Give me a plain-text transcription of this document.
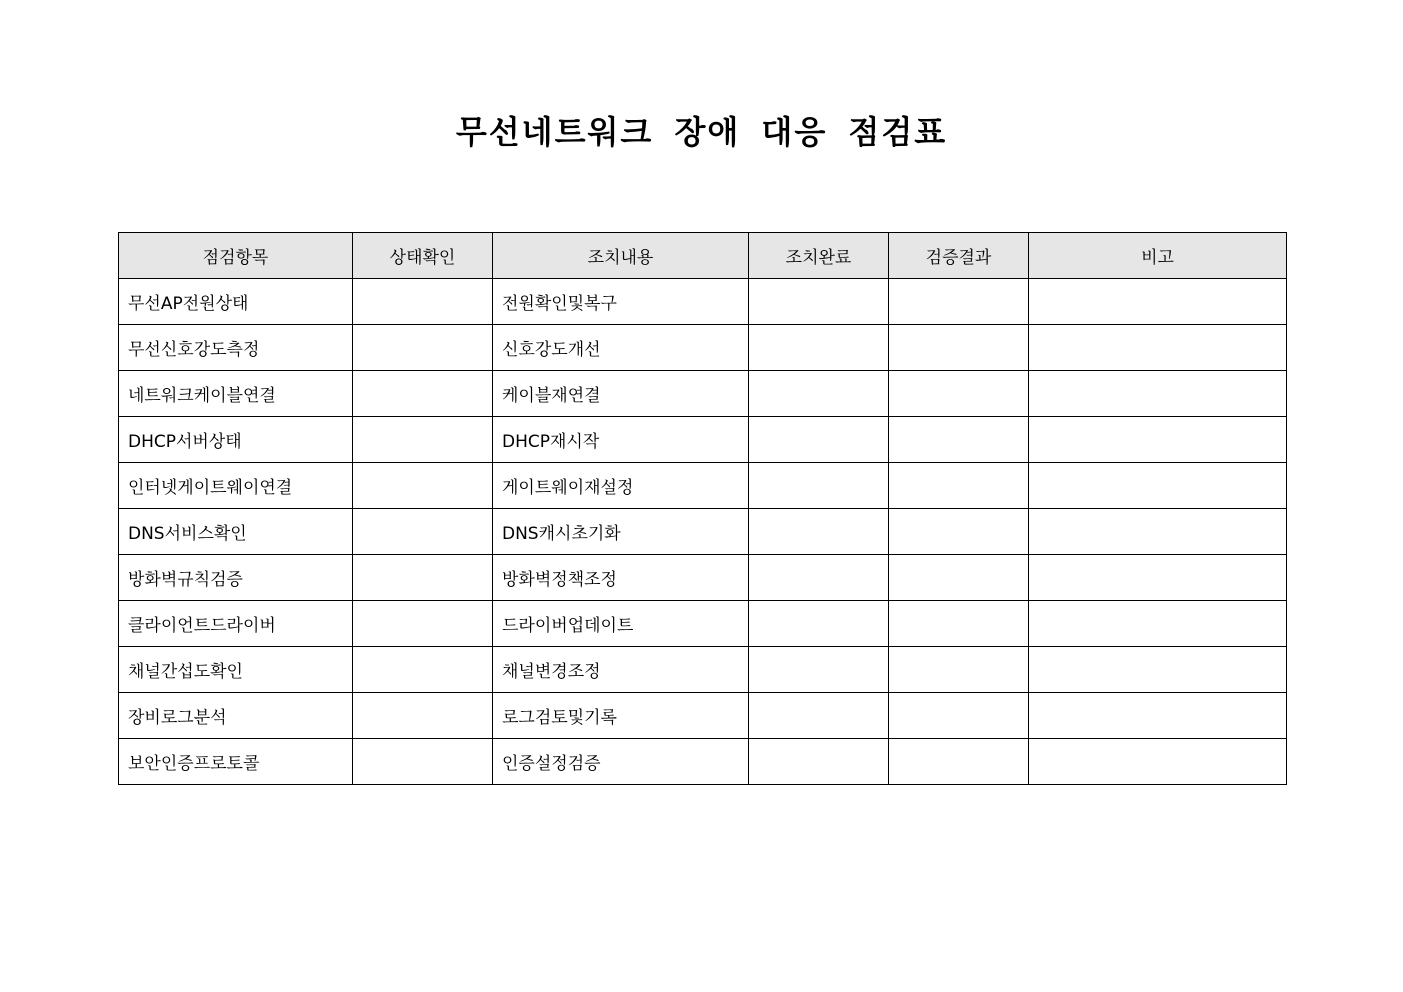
무선네트워크 장애 대응 점검표
점검항목	상태확인	조치내용	조치완료	검증결과	비고
무선AP전원상태		전원확인및복구			
무선신호강도측정		신호강도개선			
네트워크케이블연결		케이블재연결			
DHCP서버상태		DHCP재시작			
인터넷게이트웨이연결		게이트웨이재설정			
DNS서비스확인		DNS캐시초기화			
방화벽규칙검증		방화벽정책조정			
클라이언트드라이버		드라이버업데이트			
채널간섭도확인		채널변경조정			
장비로그분석		로그검토및기록			
보안인증프로토콜		인증설정검증			
